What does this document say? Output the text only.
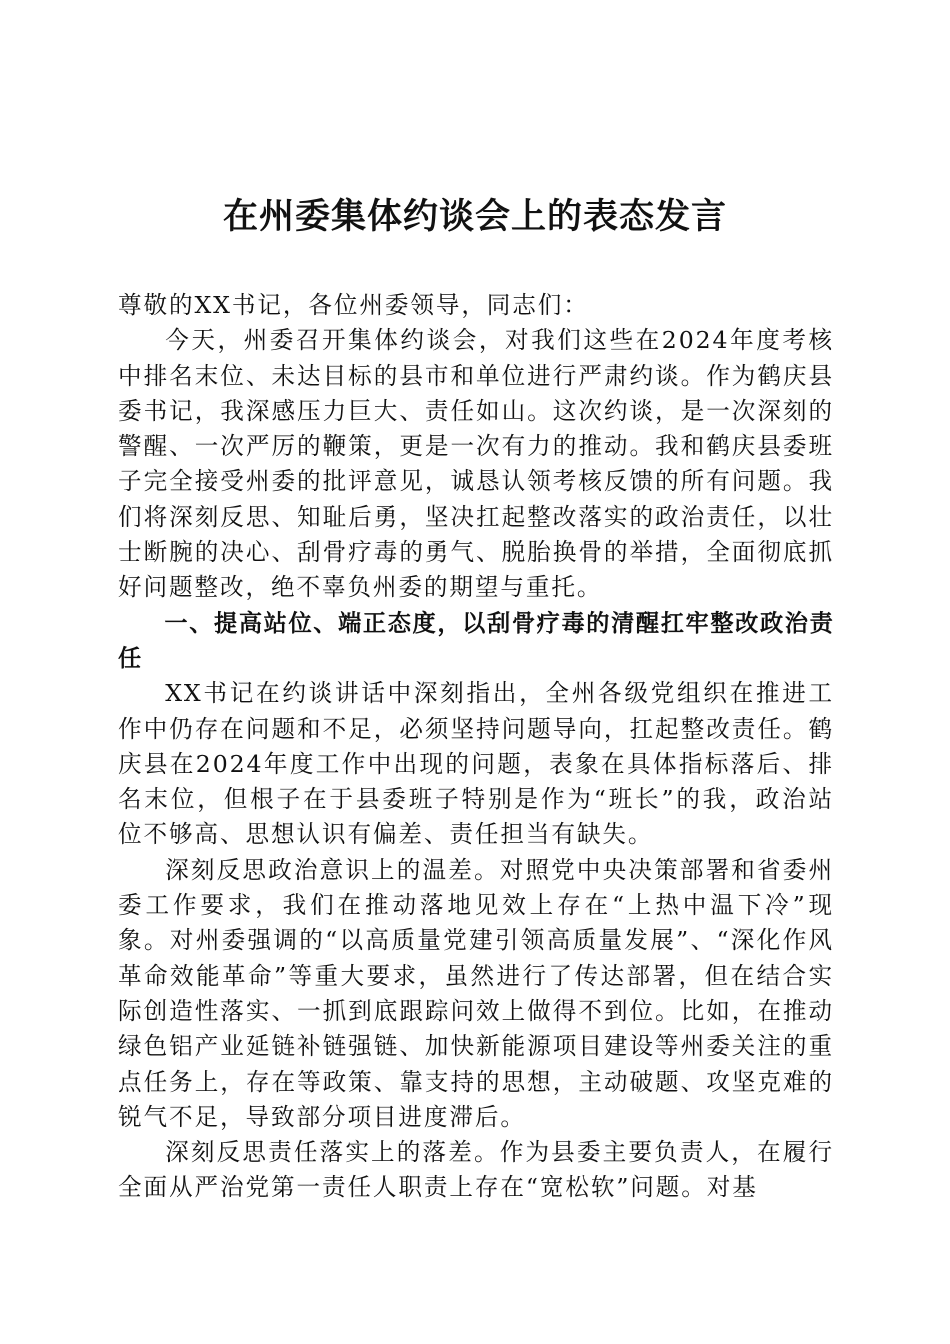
在州委集体约谈会上的表态发言

尊敬的XX书记，各位州委领导，同志们：

今天，州委召开集体约谈会，对我们这些在2024年度考核中排名末位、未达目标的县市和单位进行严肃约谈。作为鹤庆县委书记，我深感压力巨大、责任如山。这次约谈，是一次深刻的警醒、一次严厉的鞭策，更是一次有力的推动。我和鹤庆县委班子完全接受州委的批评意见，诚恳认领考核反馈的所有问题。我们将深刻反思、知耻后勇，坚决扛起整改落实的政治责任，以壮士断腕的决心、刮骨疗毒的勇气、脱胎换骨的举措，全面彻底抓好问题整改，绝不辜负州委的期望与重托。

一、提高站位、端正态度，以刮骨疗毒的清醒扛牢整改政治责任

XX书记在约谈讲话中深刻指出，全州各级党组织在推进工作中仍存在问题和不足，必须坚持问题导向，扛起整改责任。鹤庆县在2024年度工作中出现的问题，表象在具体指标落后、排名末位，但根子在于县委班子特别是作为“班长”的我，政治站位不够高、思想认识有偏差、责任担当有缺失。

深刻反思政治意识上的温差。对照党中央决策部署和省委州委工作要求，我们在推动落地见效上存在“上热中温下冷”现象。对州委强调的“以高质量党建引领高质量发展”、“深化作风革命效能革命”等重大要求，虽然进行了传达部署，但在结合实际创造性落实、一抓到底跟踪问效上做得不到位。比如，在推动绿色铝产业延链补链强链、加快新能源项目建设等州委关注的重点任务上，存在等政策、靠支持的思想，主动破题、攻坚克难的锐气不足，导致部分项目进度滞后。

深刻反思责任落实上的落差。作为县委主要负责人，在履行全面从严治党第一责任人职责上存在“宽松软”问题。对基
